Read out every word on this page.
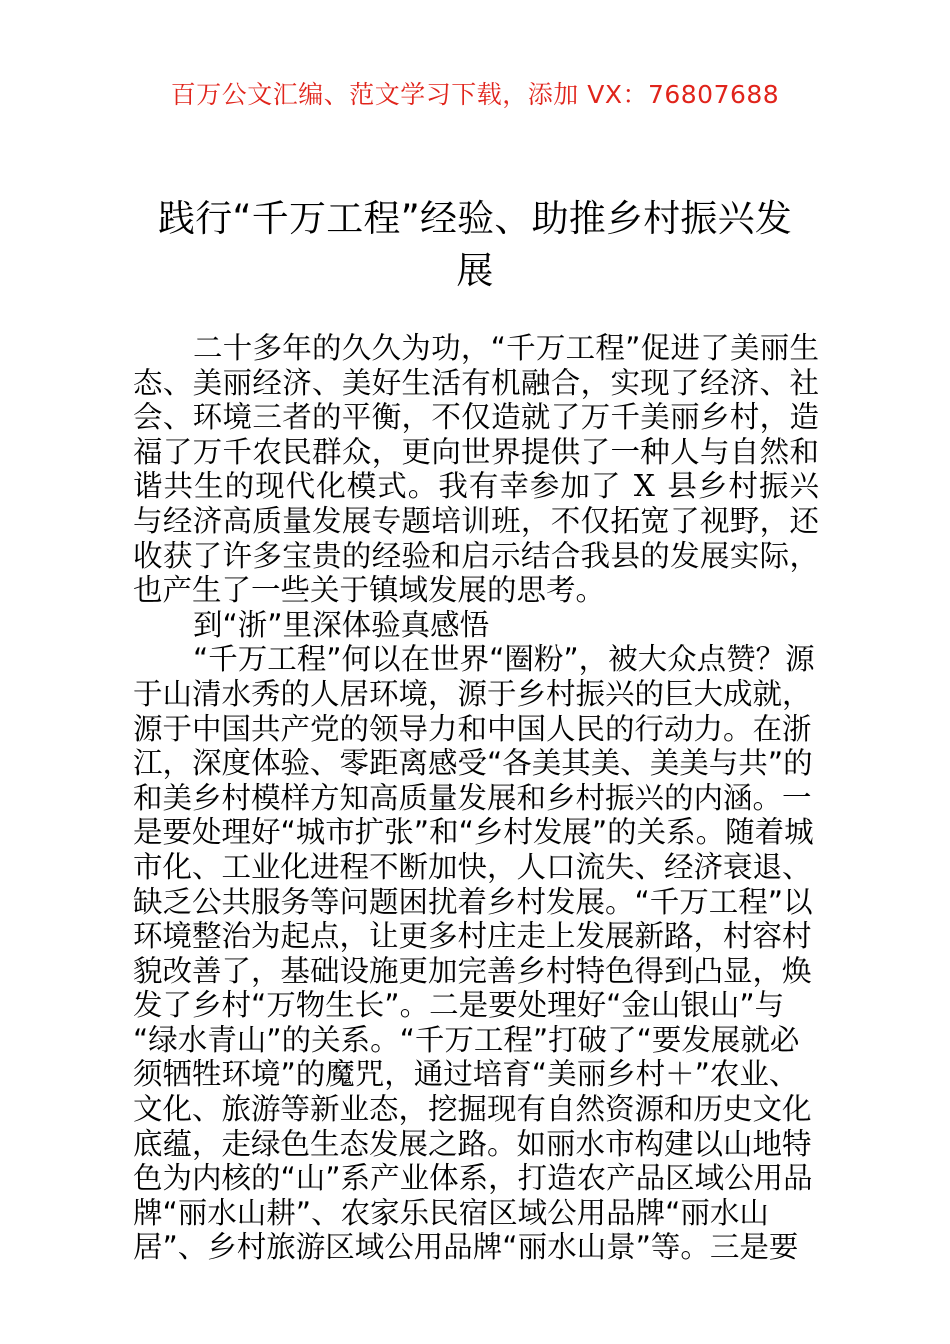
百万公文汇编、范文学习下载，添加 VX：76807688
践行“千万工程”经验、助推乡村振兴发展

二十多年的久久为功，“千万工程”促进了美丽生态、美丽经济、美好生活有机融合，实现了经济、社会、环境三者的平衡，不仅造就了万千美丽乡村，造福了万千农民群众，更向世界提供了一种人与自然和谐共生的现代化模式。我有幸参加了 X 县乡村振兴与经济高质量发展专题培训班，不仅拓宽了视野，还收获了许多宝贵的经验和启示结合我县的发展实际，也产生了一些关于镇域发展的思考。

到“浙”里深体验真感悟

“千万工程”何以在世界“圈粉”，被大众点赞？源于山清水秀的人居环境，源于乡村振兴的巨大成就，源于中国共产党的领导力和中国人民的行动力。在浙江，深度体验、零距离感受“各美其美、美美与共”的和美乡村模样方知高质量发展和乡村振兴的内涵。一是要处理好“城市扩张”和“乡村发展”的关系。随着城市化、工业化进程不断加快，人口流失、经济衰退、缺乏公共服务等问题困扰着乡村发展。“千万工程”以环境整治为起点，让更多村庄走上发展新路，村容村貌改善了，基础设施更加完善乡村特色得到凸显，焕发了乡村“万物生长”。二是要处理好“金山银山”与“绿水青山”的关系。“千万工程”打破了“要发展就必须牺牲环境”的魔咒，通过培育“美丽乡村＋”农业、文化、旅游等新业态，挖掘现有自然资源和历史文化底蕴，走绿色生态发展之路。如丽水市构建以山地特色为内核的“山”系产业体系，打造农产品区域公用品牌“丽水山耕”、农家乐民宿区域公用品牌“丽水山居”、乡村旅游区域公用品牌“丽水山景”等。三是要
